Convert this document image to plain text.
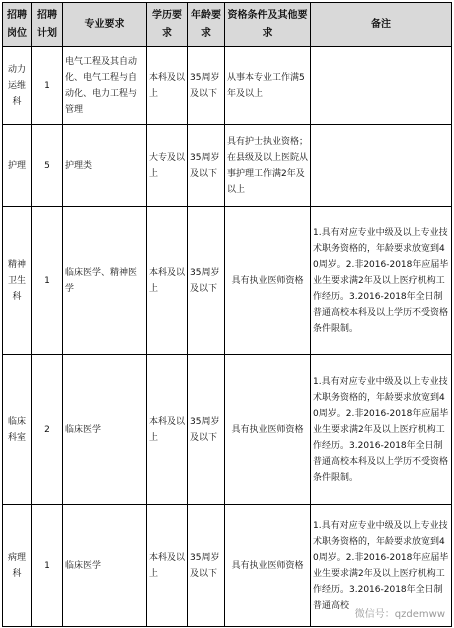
招聘岗位	招聘计划	专业要求	学历要求	年龄要求	资格条件及其他要求	备注
动力运维科	1	电气工程及其自动化、电气工程与自动化、电力工程与管理	本科及以上	35周岁及以下	从事本专业工作满5年及以上	
护理	5	护理类	大专及以上	35周岁及以下	具有护士执业资格；在县级及以上医院从事护理工作满2年及以上	
精神卫生科	1	临床医学、精神医学	本科及以上	35周岁及以下	具有执业医师资格	1.具有对应专业中级及以上专业技术职务资格的，年龄要求放宽到40周岁。2.非2016-2018年应届毕业生要求满2年及以上医疗机构工作经历。3.2016-2018年全日制普通高校本科及以上学历不受资格条件限制。
临床科室	2	临床医学	本科及以上	35周岁及以下	具有执业医师资格	1.具有对应专业中级及以上专业技术职务资格的，年龄要求放宽到40周岁。2.非2016-2018年应届毕业生要求满2年及以上医疗机构工作经历。3.2016-2018年全日制普通高校本科及以上学历不受资格条件限制。
病理科	1	临床医学	本科及以上	35周岁及以下	具有执业医师资格	1.具有对应专业中级及以上专业技术职务资格的，年龄要求放宽到40周岁。2.非2016-2018年应届毕业生要求满2年及以上医疗机构工作经历。3.2016-2018年全日制普通高校
微信号：qzdemww
